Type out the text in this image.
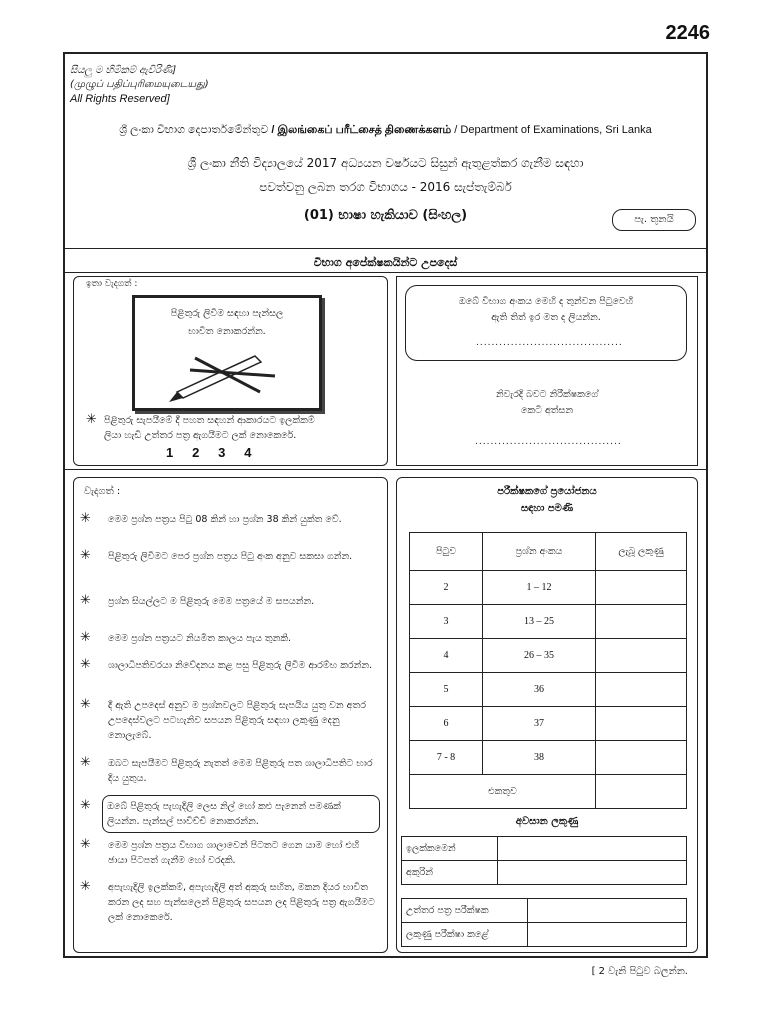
2246
සියලු ම හිමිකම් ඇවිරිණි]
(முழுப் பதிப்புரிமையுடையது)
All Rights Reserved]
ශ්‍රී ලංකා විභාග දෙපාර්තමේන්තුව / இலங்கைப் பரீட்சைத் திணைக்களம் / Department of Examinations, Sri Lanka
ශ්‍රී ලංකා නීති විද්‍යාලයේ 2017 අධ්‍යයන වර්ෂයට සිසුන් ඇතුළත්කර ගැනීම සඳහා
පවත්වනු ලබන තරග විභාගය - 2016 සැප්තැම්බර්
(01) භාෂා හැකියාව (සිංහල)	පැ. තුනයි
විභාග අපේක්ෂකයින්ට උපදෙස්
ඉතා වැදගත් :
පිළිතුරු ලිවීම සඳහා පැන්සල
භාවිත නොකරන්න.
✳ පිළිතුරු සැපයීමේ දී පහත සඳහන් ආකාරයට ඉලක්කම්
ලියා හැඩි උත්තර පත්‍ර ඇගයීමට ලක් නොකෙරේ.
1   2   3   4
ඔබේ විභාග අංකය මෙහි ද තුන්වන පිටුවෙහි
ඇති තිත් ඉර මත ද ලියන්න.
......................................
නිවැරදි බවට නිරීක්ෂකගේ
කෙටි අත්සන
......................................
වැදගත් :
✳ මෙම ප්‍රශ්න පත්‍රය පිටු 08 කින් හා ප්‍රශ්න 38 කින් යුක්ත වේ.
✳ පිළිතුරු ලිවීමට පෙර ප්‍රශ්න පත්‍රය පිටු අංක අනුව සකසා ගන්න.
✳ ප්‍රශ්න සියල්ලට ම පිළිතුරු මෙම පත්‍රයේ ම සපයන්න.
✳ මෙම ප්‍රශ්න පත්‍රයට නියමිත කාලය පැය තුනකි.
✳ ශාලාධිපතිවරයා නිවේදනය කළ පසු පිළිතුරු ලිවීම ආරම්භ කරන්න.
✳ දී ඇති උපදෙස් අනුව ම ප්‍රශ්නවලට පිළිතුරු සැපයිය යුතු වන අතර උපදෙස්වලට පටහැනිව සපයන පිළිතුරු සඳහා ලකුණු දෙනු නොලැබේ.
✳ ඔබට සැපයීමට පිළිතුරු නැතත් මෙම පිළිතුරු පත ශාලාධිපතිට භාර දිය යුතුය.
ඔබේ පිළිතුරු පැහැදිලි ලෙස නිල් හෝ කළු පැනෙන් පමණක් ලියන්න. පැන්සල් පාවිච්චි නොකරන්න.
✳
✳ මෙම ප්‍රශ්න පත්‍රය විභාග ශාලාවෙන් පිටතට ගෙන යාම හෝ එහි ඡායා පිටපත් ගැනීම හෝ වරදකි.
✳ අපැහැදිලි ඉලක්කම්, අපැහැදිලි අත් අකුරු සහිත, මකන දියර භාවිත කරන ලද සහ පැන්සලෙන් පිළිතුරු සපයන ලද පිළිතුරු පත්‍ර ඇගයීමට ලක් නොකෙරේ.
පරීක්ෂකගේ ප්‍රයෝජනය
සඳහා පමණි
පිටුව	ප්‍රශ්න අංකය	ලැබූ ලකුණු
2	1 – 12	
3	13 – 25	
4	26 – 35	
5	36	
6	37	
7 - 8	38	
එකතුව		
අවසාන ලකුණු
ඉලක්කමෙන්	
අකුරින්	
උත්තර පත්‍ර පරීක්ෂක	
ලකුණු පරීක්ෂා කළේ	
[ 2 වැනි පිටුව බලන්න.
